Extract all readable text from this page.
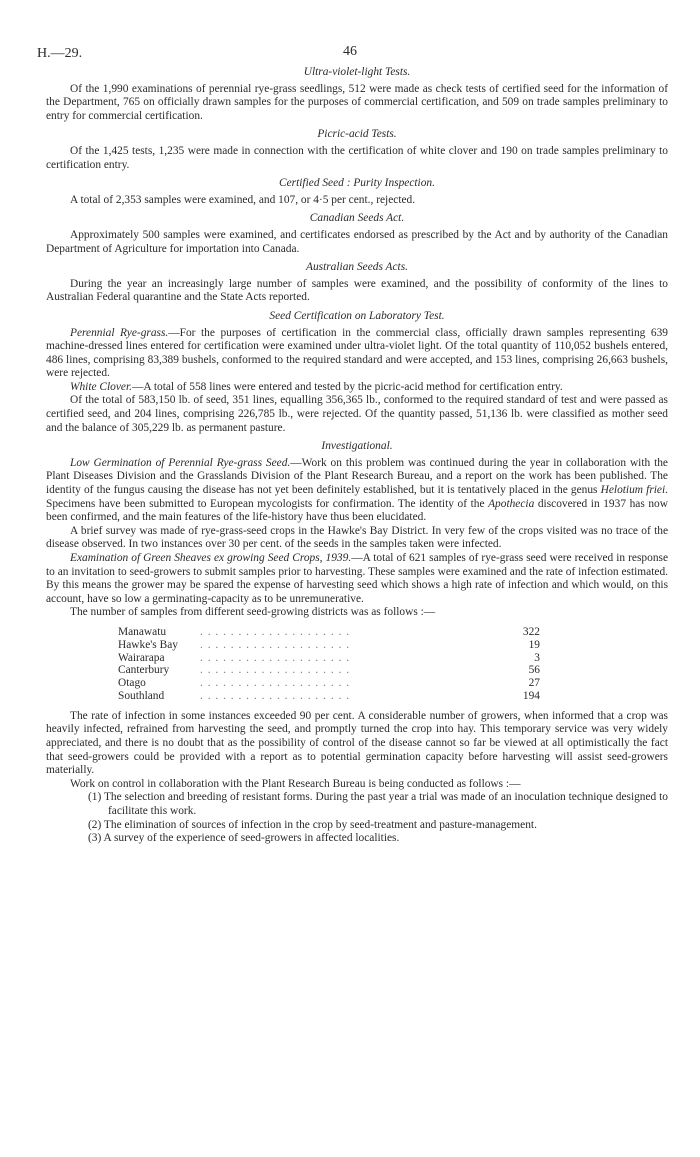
H.—29.	46
Ultra-violet-light Tests.

Of the 1,990 examinations of perennial rye-grass seedlings, 512 were made as check tests of certified seed for the information of the Department, 765 on officially drawn samples for the purposes of commercial certification, and 509 on trade samples preliminary to entry for commercial certification.

Picric-acid Tests.

Of the 1,425 tests, 1,235 were made in connection with the certification of white clover and 190 on trade samples preliminary to certification entry.

Certified Seed : Purity Inspection.

A total of 2,353 samples were examined, and 107, or 4·5 per cent., rejected.

Canadian Seeds Act.

Approximately 500 samples were examined, and certificates endorsed as prescribed by the Act and by authority of the Canadian Department of Agriculture for importation into Canada.

Australian Seeds Acts.

During the year an increasingly large number of samples were examined, and the possibility of conformity of the lines to Australian Federal quarantine and the State Acts reported.

Seed Certification on Laboratory Test.

Perennial Rye-grass.—For the purposes of certification in the commercial class, officially drawn samples representing 639 machine-dressed lines entered for certification were examined under ultra-violet light. Of the total quantity of 110,052 bushels entered, 486 lines, comprising 83,389 bushels, conformed to the required standard and were accepted, and 153 lines, comprising 26,663 bushels, were rejected.

White Clover.—A total of 558 lines were entered and tested by the picric-acid method for certification entry.

Of the total of 583,150 lb. of seed, 351 lines, equalling 356,365 lb., conformed to the required standard of test and were passed as certified seed, and 204 lines, comprising 226,785 lb., were rejected. Of the quantity passed, 51,136 lb. were classified as mother seed and the balance of 305,229 lb. as permanent pasture.

Investigational.

Low Germination of Perennial Rye-grass Seed.—Work on this problem was continued during the year in collaboration with the Plant Diseases Division and the Grasslands Division of the Plant Research Bureau, and a report on the work has been published. The identity of the fungus causing the disease has not yet been definitely established, but it is tentatively placed in the genus Helotium friei. Specimens have been submitted to European mycologists for confirmation. The identity of the Apothecia discovered in 1937 has now been confirmed, and the main features of the life-history have thus been elucidated.

A brief survey was made of rye-grass-seed crops in the Hawke's Bay District. In very few of the crops visited was no trace of the disease observed. In two instances over 30 per cent. of the seeds in the samples taken were infected.

Examination of Green Sheaves ex growing Seed Crops, 1939.—A total of 621 samples of rye-grass seed were received in response to an invitation to seed-growers to submit samples prior to harvesting. These samples were examined and the rate of infection estimated. By this means the grower may be spared the expense of harvesting seed which shows a high rate of infection and which would, on this account, have so low a germinating-capacity as to be unremunerative.

The number of samples from different seed-growing districts was as follows :—

Manawatu	. . . . . . . . . . . . . . . . . . . .	322
Hawke's Bay	. . . . . . . . . . . . . . . . . . . .	19
Wairarapa	. . . . . . . . . . . . . . . . . . . .	3
Canterbury	. . . . . . . . . . . . . . . . . . . .	56
Otago	. . . . . . . . . . . . . . . . . . . .	27
Southland	. . . . . . . . . . . . . . . . . . . .	194

The rate of infection in some instances exceeded 90 per cent. A considerable number of growers, when informed that a crop was heavily infected, refrained from harvesting the seed, and promptly turned the crop into hay. This temporary service was very widely appreciated, and there is no doubt that as the possibility of control of the disease cannot so far be viewed at all optimistically the fact that seed-growers could be provided with a report as to potential germination capacity before harvesting will assist seed-growers materially.

Work on control in collaboration with the Plant Research Bureau is being conducted as follows :—

(1) The selection and breeding of resistant forms. During the past year a trial was made of an inoculation technique designed to facilitate this work.
(2) The elimination of sources of infection in the crop by seed-treatment and pasture-management.
(3) A survey of the experience of seed-growers in affected localities.
